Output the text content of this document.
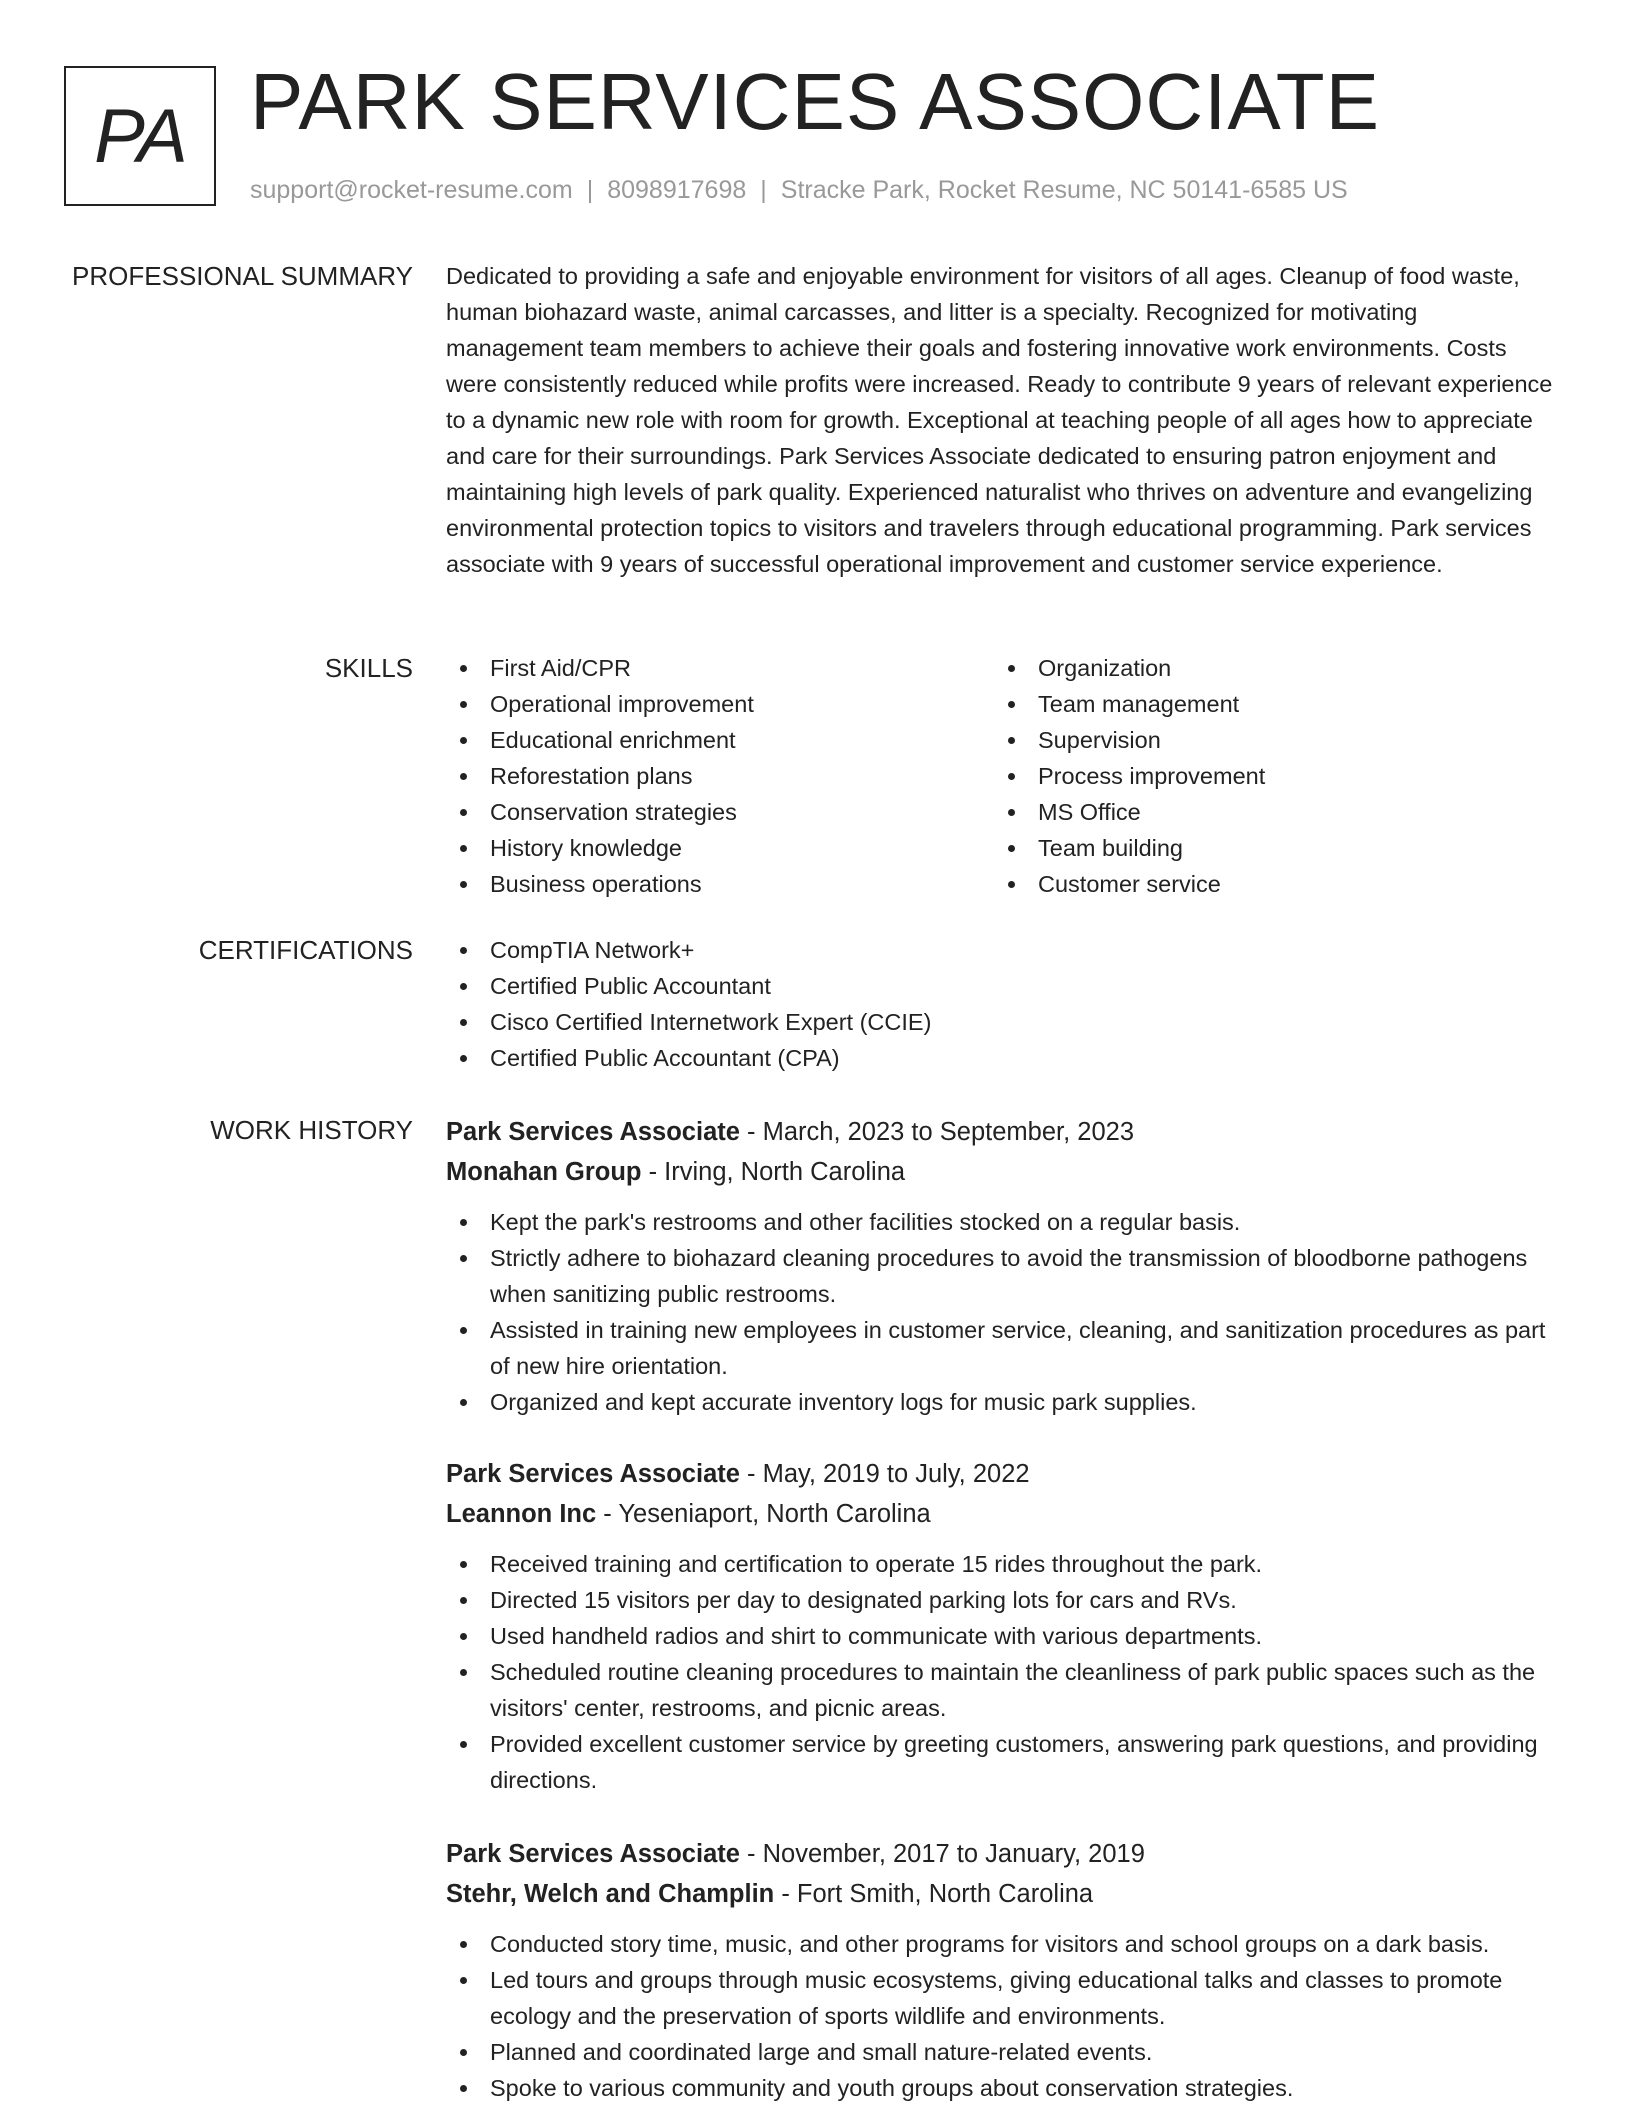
PA PARK SERVICES ASSOCIATE
support@rocket-resume.com | 8098917698 | Stracke Park, Rocket Resume, NC 50141-6585 US
PROFESSIONAL SUMMARY Dedicated to providing a safe and enjoyable environment for visitors of all ages. Cleanup of food waste, human biohazard waste, animal carcasses, and litter is a specialty. Recognized for motivating management team members to achieve their goals and fostering innovative work environments. Costs were consistently reduced while profits were increased. Ready to contribute 9 years of relevant experience to a dynamic new role with room for growth. Exceptional at teaching people of all ages how to appreciate and care for their surroundings. Park Services Associate dedicated to ensuring patron enjoyment and maintaining high levels of park quality. Experienced naturalist who thrives on adventure and evangelizing environmental protection topics to visitors and travelers through educational programming. Park services associate with 9 years of successful operational improvement and customer service experience.
SKILLS	First Aid/CPR
Operational improvement
Educational enrichment
Reforestation plans
Conservation strategies
History knowledge
Business operations
Organization
Team management
Supervision
Process improvement
MS Office
Team building
Customer service
CERTIFICATIONS	CompTIA Network+
Certified Public Accountant
Cisco Certified Internetwork Expert (CCIE)
Certified Public Accountant (CPA)
WORK HISTORY Park Services Associate - March, 2023 to September, 2023
Monahan Group - Irving, North Carolina
Kept the park's restrooms and other facilities stocked on a regular basis.
Strictly adhere to biohazard cleaning procedures to avoid the transmission of bloodborne pathogens when sanitizing public restrooms.
Assisted in training new employees in customer service, cleaning, and sanitization procedures as part of new hire orientation.
Organized and kept accurate inventory logs for music park supplies.
Park Services Associate - May, 2019 to July, 2022
Leannon Inc - Yeseniaport, North Carolina
Received training and certification to operate 15 rides throughout the park.
Directed 15 visitors per day to designated parking lots for cars and RVs.
Used handheld radios and shirt to communicate with various departments.
Scheduled routine cleaning procedures to maintain the cleanliness of park public spaces such as the visitors' center, restrooms, and picnic areas.
Provided excellent customer service by greeting customers, answering park questions, and providing directions.
Park Services Associate - November, 2017 to January, 2019
Stehr, Welch and Champlin - Fort Smith, North Carolina
Conducted story time, music, and other programs for visitors and school groups on a dark basis.
Led tours and groups through music ecosystems, giving educational talks and classes to promote ecology and the preservation of sports wildlife and environments.
Planned and coordinated large and small nature-related events.
Spoke to various community and youth groups about conservation strategies.
